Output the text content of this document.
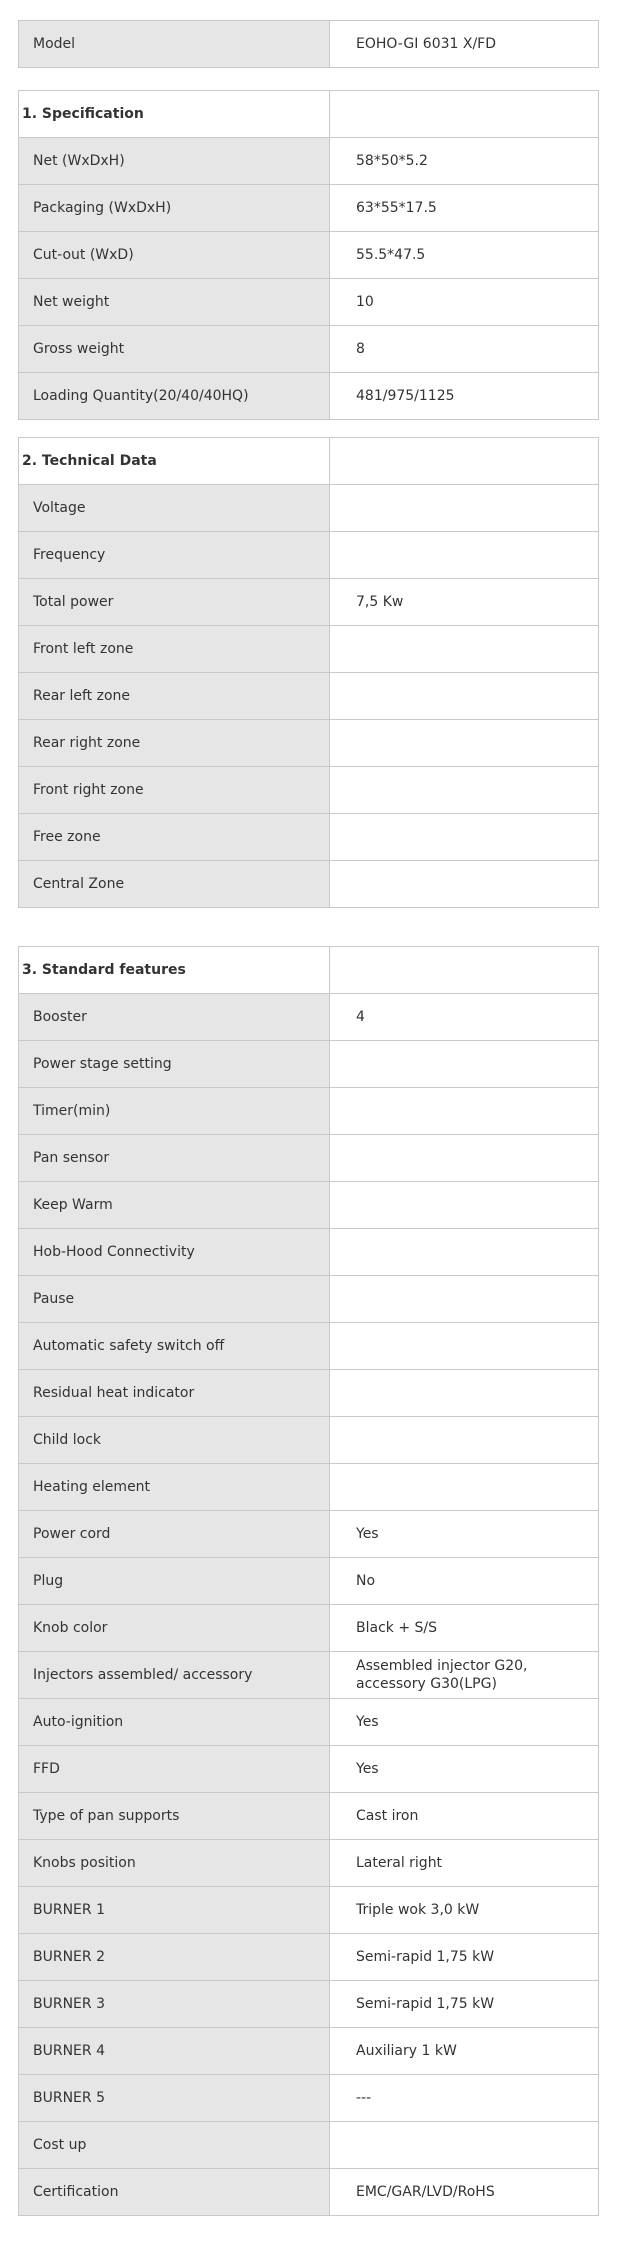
Model	EOHO-GI 6031 X/FD
1. Specification	
Net (WxDxH)	58*50*5.2
Packaging (WxDxH)	63*55*17.5
Cut-out (WxD)	55.5*47.5
Net weight	10
Gross weight	8
Loading Quantity(20/40/40HQ)	481/975/1125
2. Technical Data	
Voltage	
Frequency	
Total power	7,5 Kw
Front left zone	
Rear left zone	
Rear right zone	
Front right zone	
Free zone	
Central Zone	
3. Standard features	
Booster	4
Power stage setting	
Timer(min)	
Pan sensor	
Keep Warm	
Hob-Hood Connectivity	
Pause	
Automatic safety switch off	
Residual heat indicator	
Child lock	
Heating element	
Power cord	Yes
Plug	No
Knob color	Black + S/S
Injectors assembled/ accessory	Assembled injector G20, accessory G30(LPG)
Auto-ignition	Yes
FFD	Yes
Type of pan supports	Cast iron
Knobs position	Lateral right
BURNER 1	Triple wok 3,0 kW
BURNER 2	Semi-rapid 1,75 kW
BURNER 3	Semi-rapid 1,75 kW
BURNER 4	Auxiliary 1 kW
BURNER 5	---
Cost up	
Certification	EMC/GAR/LVD/RoHS
